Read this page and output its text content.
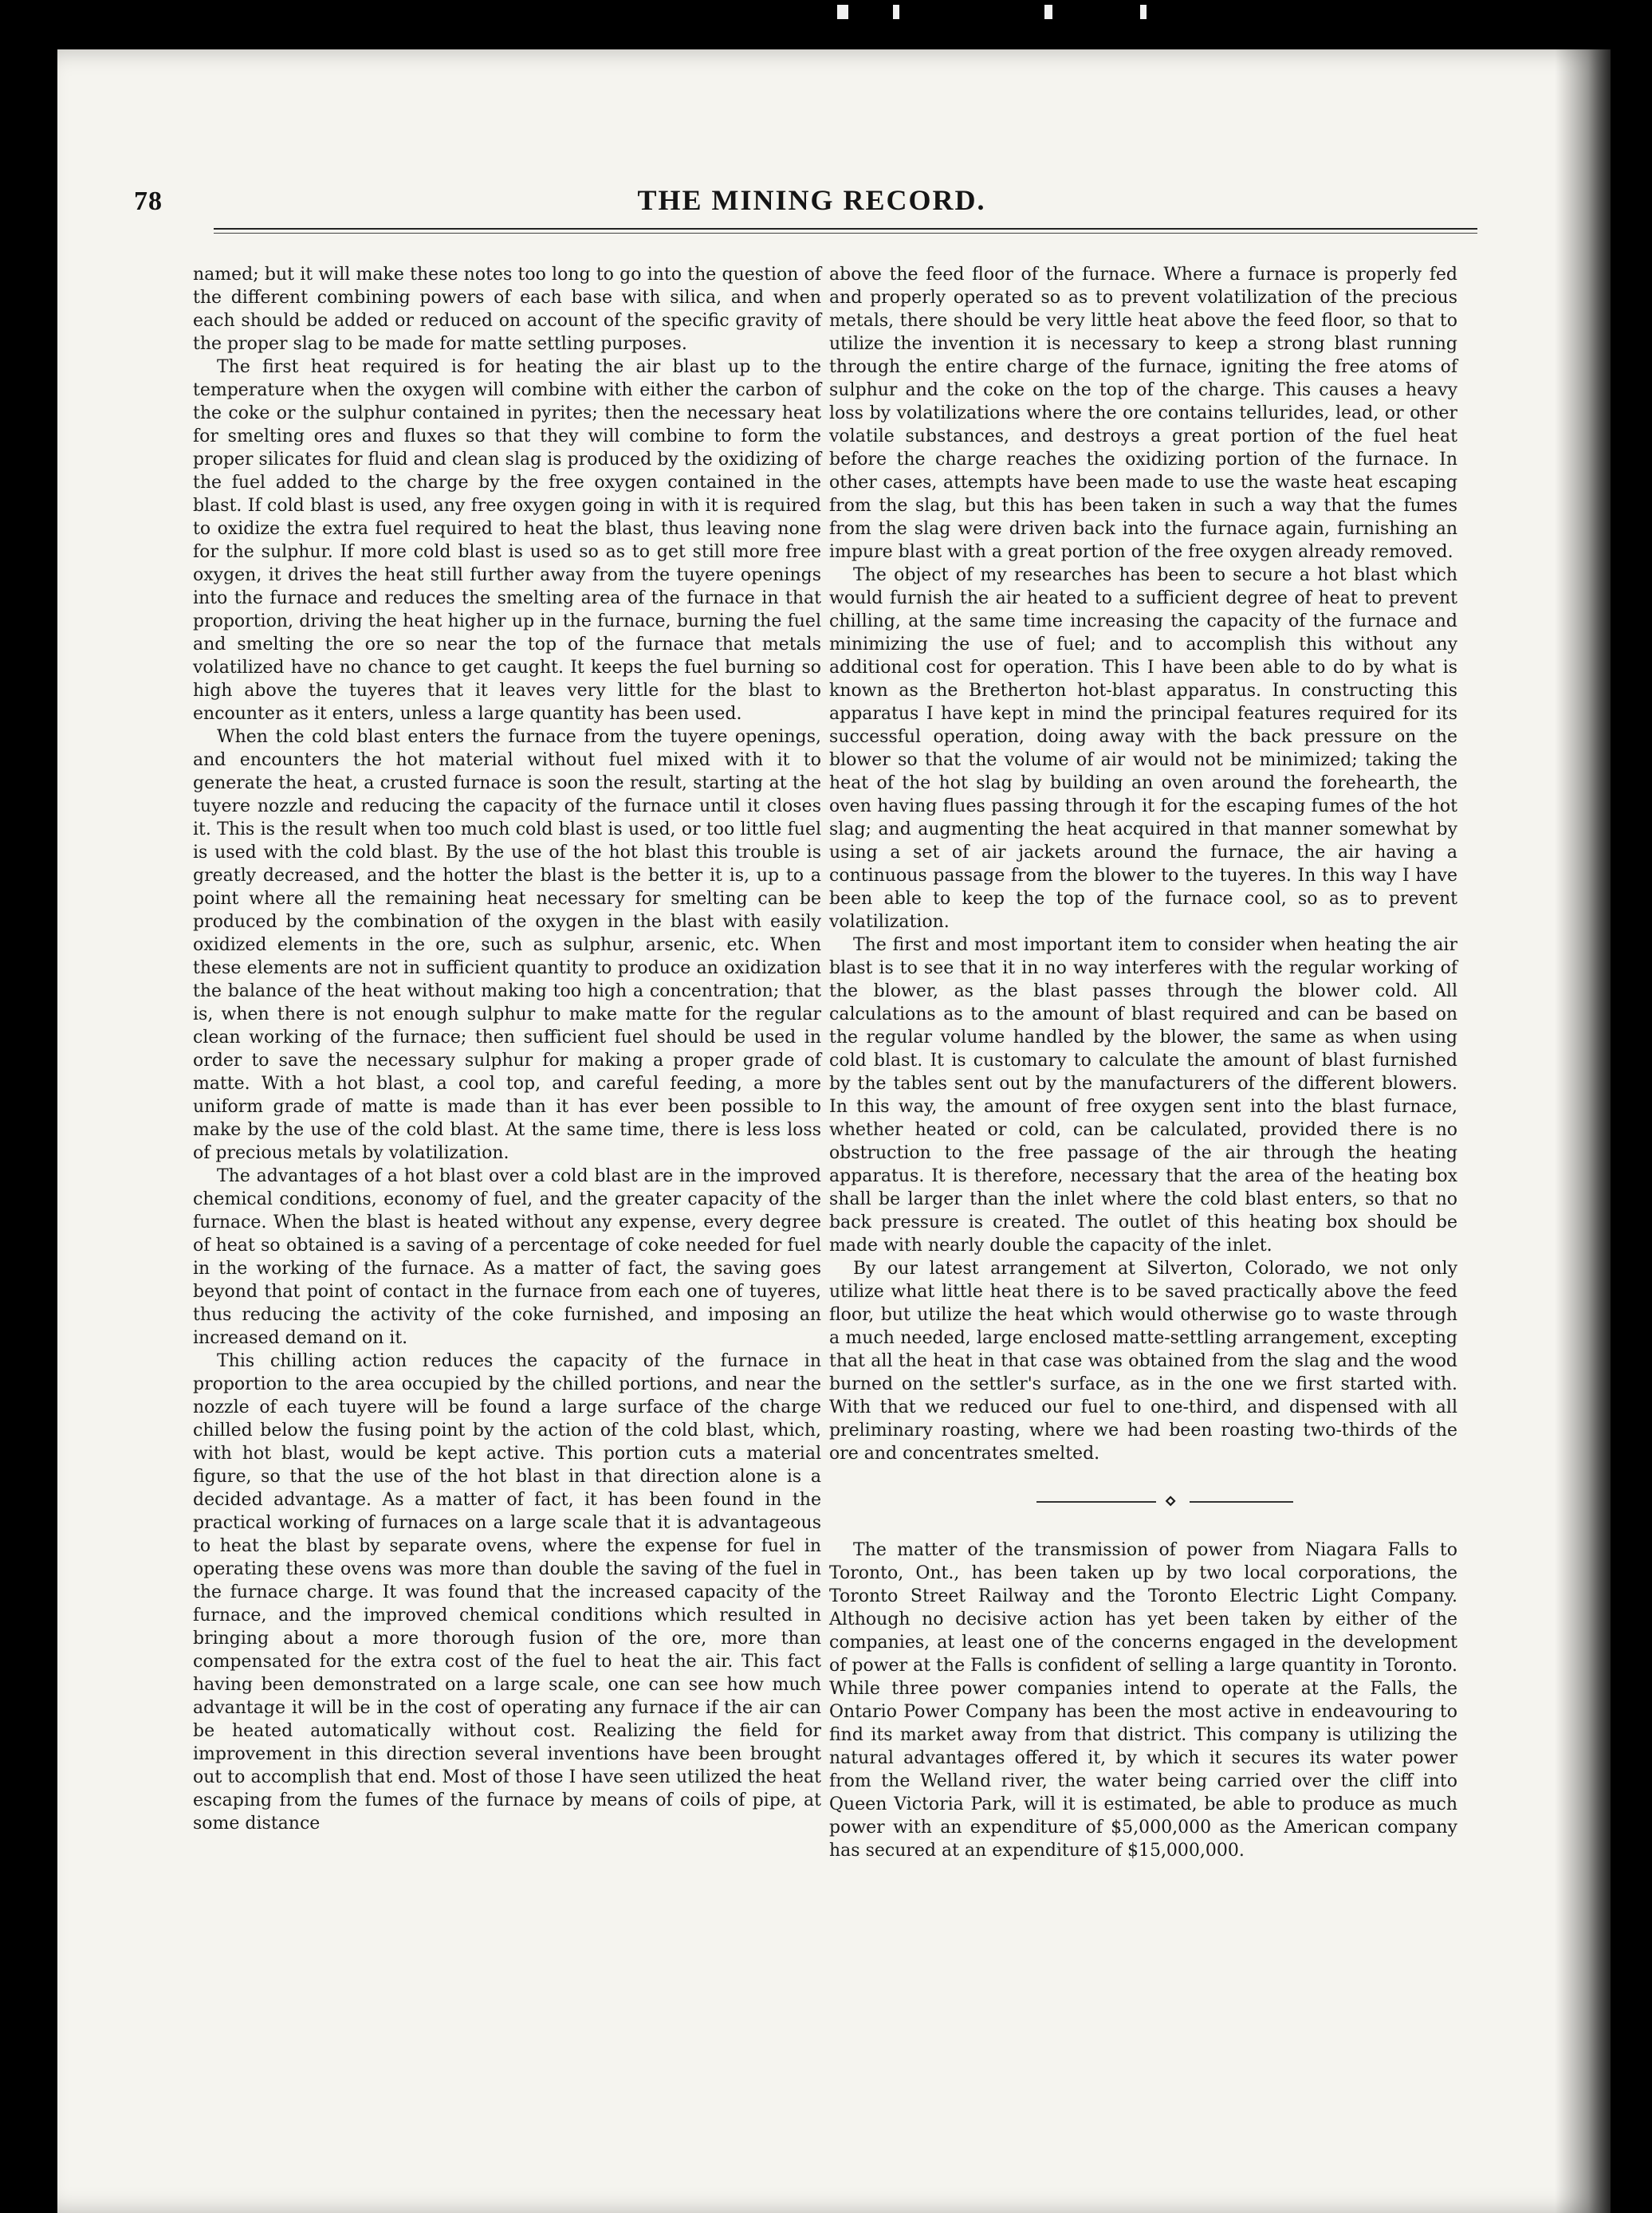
78	THE MINING RECORD.

named; but it will make these notes too long to go into the question of the different combining powers of each base with silica, and when each should be added or reduced on account of the specific gravity of the proper slag to be made for matte settling purposes.

The first heat required is for heating the air blast up to the temperature when the oxygen will combine with either the carbon of the coke or the sulphur contained in pyrites; then the necessary heat for smelting ores and fluxes so that they will combine to form the proper silicates for fluid and clean slag is produced by the oxidizing of the fuel added to the charge by the free oxygen contained in the blast. If cold blast is used, any free oxygen going in with it is required to oxidize the extra fuel required to heat the blast, thus leaving none for the sulphur. If more cold blast is used so as to get still more free oxygen, it drives the heat still further away from the tuyere openings into the furnace and reduces the smelting area of the furnace in that proportion, driving the heat higher up in the furnace, burning the fuel and smelting the ore so near the top of the furnace that metals volatilized have no chance to get caught. It keeps the fuel burning so high above the tuyeres that it leaves very little for the blast to encounter as it enters, unless a large quantity has been used.

When the cold blast enters the furnace from the tuyere openings, and encounters the hot material without fuel mixed with it to generate the heat, a crusted furnace is soon the result, starting at the tuyere nozzle and reducing the capacity of the furnace until it closes it. This is the result when too much cold blast is used, or too little fuel is used with the cold blast. By the use of the hot blast this trouble is greatly decreased, and the hotter the blast is the better it is, up to a point where all the remaining heat necessary for smelting can be produced by the combination of the oxygen in the blast with easily oxidized elements in the ore, such as sulphur, arsenic, etc. When these elements are not in sufficient quantity to produce an oxidization the balance of the heat without making too high a concentration; that is, when there is not enough sulphur to make matte for the regular clean working of the furnace; then sufficient fuel should be used in order to save the necessary sulphur for making a proper grade of matte. With a hot blast, a cool top, and careful feeding, a more uniform grade of matte is made than it has ever been possible to make by the use of the cold blast. At the same time, there is less loss of precious metals by volatilization.

The advantages of a hot blast over a cold blast are in the improved chemical conditions, economy of fuel, and the greater capacity of the furnace. When the blast is heated without any expense, every degree of heat so obtained is a saving of a percentage of coke needed for fuel in the working of the furnace. As a matter of fact, the saving goes beyond that point of contact in the furnace from each one of tuyeres, thus reducing the activity of the coke furnished, and imposing an increased demand on it.

This chilling action reduces the capacity of the furnace in proportion to the area occupied by the chilled portions, and near the nozzle of each tuyere will be found a large surface of the charge chilled below the fusing point by the action of the cold blast, which, with hot blast, would be kept active. This portion cuts a material figure, so that the use of the hot blast in that direction alone is a decided advantage. As a matter of fact, it has been found in the practical working of furnaces on a large scale that it is advantageous to heat the blast by separate ovens, where the expense for fuel in operating these ovens was more than double the saving of the fuel in the furnace charge. It was found that the increased capacity of the furnace, and the improved chemical conditions which resulted in bringing about a more thorough fusion of the ore, more than compensated for the extra cost of the fuel to heat the air. This fact having been demonstrated on a large scale, one can see how much advantage it will be in the cost of operating any furnace if the air can be heated automatically without cost. Realizing the field for improvement in this direction several inventions have been brought out to accomplish that end. Most of those I have seen utilized the heat escaping from the fumes of the furnace by means of coils of pipe, at some distance

above the feed floor of the furnace. Where a furnace is properly fed and properly operated so as to prevent volatilization of the precious metals, there should be very little heat above the feed floor, so that to utilize the invention it is necessary to keep a strong blast running through the entire charge of the furnace, igniting the free atoms of sulphur and the coke on the top of the charge. This causes a heavy loss by volatilizations where the ore contains tellurides, lead, or other volatile substances, and destroys a great portion of the fuel heat before the charge reaches the oxidizing portion of the furnace. In other cases, attempts have been made to use the waste heat escaping from the slag, but this has been taken in such a way that the fumes from the slag were driven back into the furnace again, furnishing an impure blast with a great portion of the free oxygen already removed.

The object of my researches has been to secure a hot blast which would furnish the air heated to a sufficient degree of heat to prevent chilling, at the same time increasing the capacity of the furnace and minimizing the use of fuel; and to accomplish this without any additional cost for operation. This I have been able to do by what is known as the Bretherton hot-blast apparatus. In constructing this apparatus I have kept in mind the principal features required for its successful operation, doing away with the back pressure on the blower so that the volume of air would not be minimized; taking the heat of the hot slag by building an oven around the forehearth, the oven having flues passing through it for the escaping fumes of the hot slag; and augmenting the heat acquired in that manner somewhat by using a set of air jackets around the furnace, the air having a continuous passage from the blower to the tuyeres. In this way I have been able to keep the top of the furnace cool, so as to prevent volatilization.

The first and most important item to consider when heating the air blast is to see that it in no way interferes with the regular working of the blower, as the blast passes through the blower cold. All calculations as to the amount of blast required and can be based on the regular volume handled by the blower, the same as when using cold blast. It is customary to calculate the amount of blast furnished by the tables sent out by the manufacturers of the different blowers. In this way, the amount of free oxygen sent into the blast furnace, whether heated or cold, can be calculated, provided there is no obstruction to the free passage of the air through the heating apparatus. It is therefore, necessary that the area of the heating box shall be larger than the inlet where the cold blast enters, so that no back pressure is created. The outlet of this heating box should be made with nearly double the capacity of the inlet.

By our latest arrangement at Silverton, Colorado, we not only utilize what little heat there is to be saved practically above the feed floor, but utilize the heat which would otherwise go to waste through a much needed, large enclosed matte-settling arrangement, excepting that all the heat in that case was obtained from the slag and the wood burned on the settler's surface, as in the one we first started with. With that we reduced our fuel to one-third, and dispensed with all preliminary roasting, where we had been roasting two-thirds of the ore and concentrates smelted.

⋄

The matter of the transmission of power from Niagara Falls to Toronto, Ont., has been taken up by two local corporations, the Toronto Street Railway and the Toronto Electric Light Company. Although no decisive action has yet been taken by either of the companies, at least one of the concerns engaged in the development of power at the Falls is confident of selling a large quantity in Toronto. While three power companies intend to operate at the Falls, the Ontario Power Company has been the most active in endeavouring to find its market away from that district. This company is utilizing the natural advantages offered it, by which it secures its water power from the Welland river, the water being carried over the cliff into Queen Victoria Park, will it is estimated, be able to produce as much power with an expenditure of $5,000,000 as the American company has secured at an expenditure of $15,000,000.
